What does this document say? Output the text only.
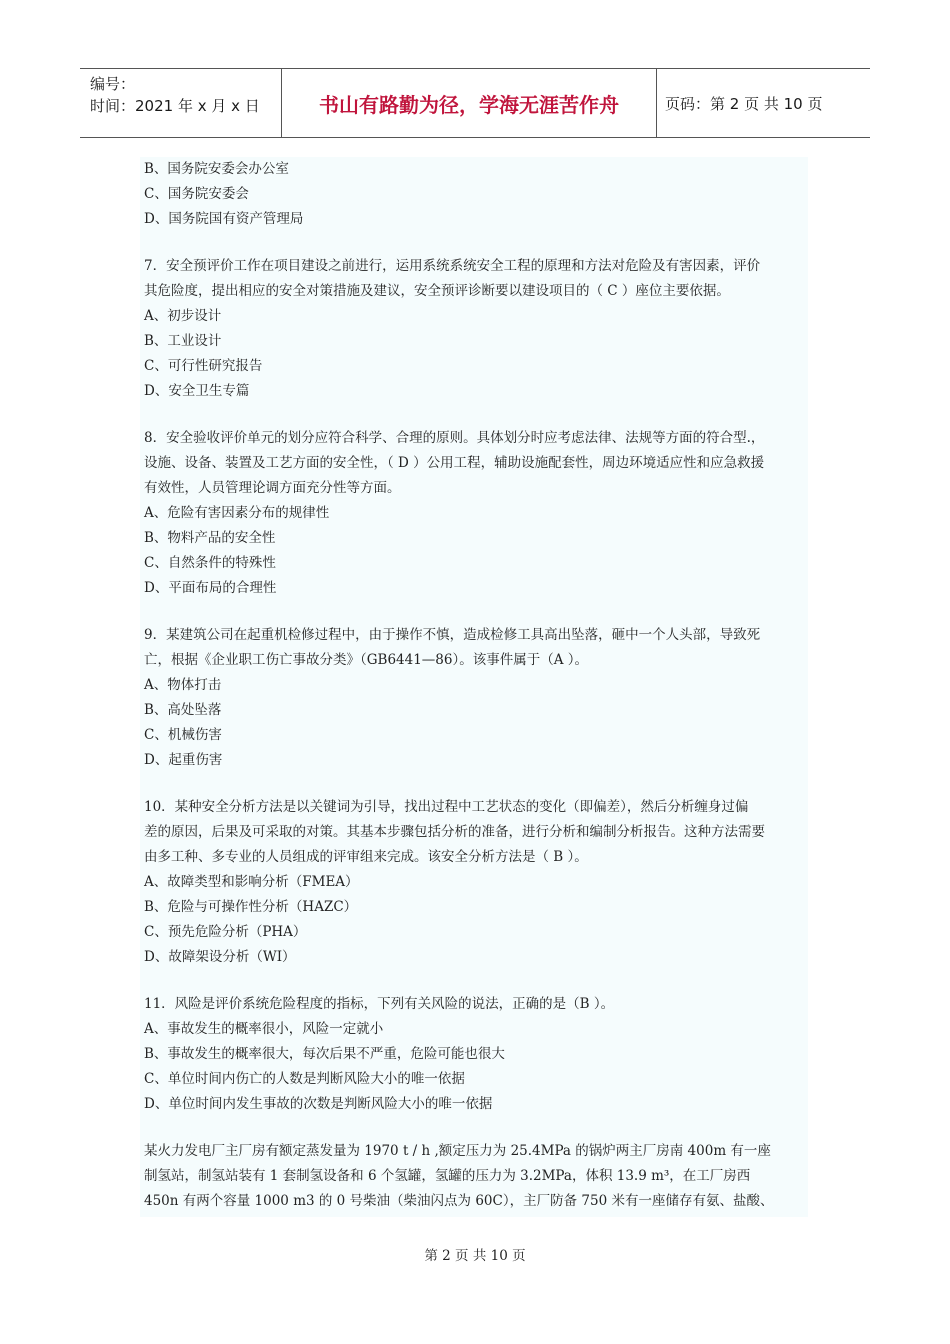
编号：
时间：2021 年 x 月 x 日	书山有路勤为径，学海无涯苦作舟	页码：第 2 页 共 10 页
B、国务院安委会办公室
C、国务院安委会
D、国务院国有资产管理局
7．安全预评价工作在项目建设之前进行，运用系统系统安全工程的原理和方法对危险及有害因素，评价
其危险度，提出相应的安全对策措施及建议，安全预评诊断要以建设项目的（ C ）座位主要依据。
A、初步设计
B、工业设计
C、可行性研究报告
D、安全卫生专篇
8．安全验收评价单元的划分应符合科学、合理的原则。具体划分时应考虑法律、法规等方面的符合型.，
设施、设备、装置及工艺方面的安全性，（ D ）公用工程，辅助设施配套性，周边环境适应性和应急救援
有效性，人员管理论调方面充分性等方面。
A、危险有害因素分布的规律性
B、物料产品的安全性
C、自然条件的特殊性
D、平面布局的合理性
9．某建筑公司在起重机检修过程中，由于操作不慎，造成检修工具高出坠落，砸中一个人头部，导致死
亡，根据《企业职工伤亡事故分类》（GB6441—86）。该事件属于（A ）。
A、物体打击
B、高处坠落
C、机械伤害
D、起重伤害
10．某种安全分析方法是以关键词为引导，找出过程中工艺状态的变化（即偏差），然后分析缠身过偏
差的原因，后果及可采取的对策。其基本步骤包括分析的准备，进行分析和编制分析报告。这种方法需要
由多工种、多专业的人员组成的评审组来完成。该安全分析方法是（ B ）。
A、故障类型和影响分析（FMEA）
B、危险与可操作性分析（HAZC）
C、预先危险分析（PHA）
D、故障架设分析（WI）
11．风险是评价系统危险程度的指标，下列有关风险的说法，正确的是（B ）。
A、事故发生的概率很小，风险一定就小
B、事故发生的概率很大，每次后果不严重，危险可能也很大
C、单位时间内伤亡的人数是判断风险大小的唯一依据
D、单位时间内发生事故的次数是判断风险大小的唯一依据
某火力发电厂主厂房有额定蒸发量为 1970 t / h ,额定压力为 25.4MPa 的锅炉两主厂房南 400m 有一座
制氢站，制氢站装有 1 套制氢设备和 6 个氢罐，氢罐的压力为 3.2MPa，体积 13.9 m³，在工厂房西
450n 有两个容量 1000 m3 的 0 号柴油（柴油闪点为 60C），主厂防备 750 米有一座储存有氨、盐酸、
第 2 页 共 10 页
